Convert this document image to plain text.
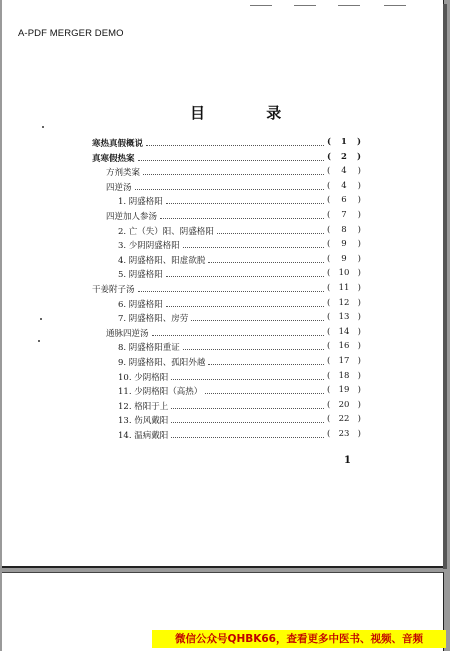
A-PDF MERGER DEMO
目 录
寒热真假概说	( 1 )
真寒假热案	( 2 )
方剂类案	( 4 )
四逆汤	( 4 )
1. 阴盛格阳	( 6 )
四逆加人参汤	( 7 )
2. 亡（失）阳、阴盛格阳	( 8 )
3. 少阴阴盛格阳	( 9 )
4. 阴盛格阳、阳虚欲脱	( 9 )
5. 阴盛格阳	( 10 )
干姜附子汤	( 11 )
6. 阴盛格阳	( 12 )
7. 阴盛格阳、房劳	( 13 )
通脉四逆汤	( 14 )
8. 阴盛格阳重证	( 16 )
9. 阴盛格阳、孤阳外越	( 17 )
10. 少阴格阳	( 18 )
11. 少阴格阳（高热）	( 19 )
12. 格阳于上	( 20 )
13. 伤风戴阳	( 22 )
14. 温病戴阳	( 23 )
1
微信公众号QHBK66，查看更多中医书、视频、音频
